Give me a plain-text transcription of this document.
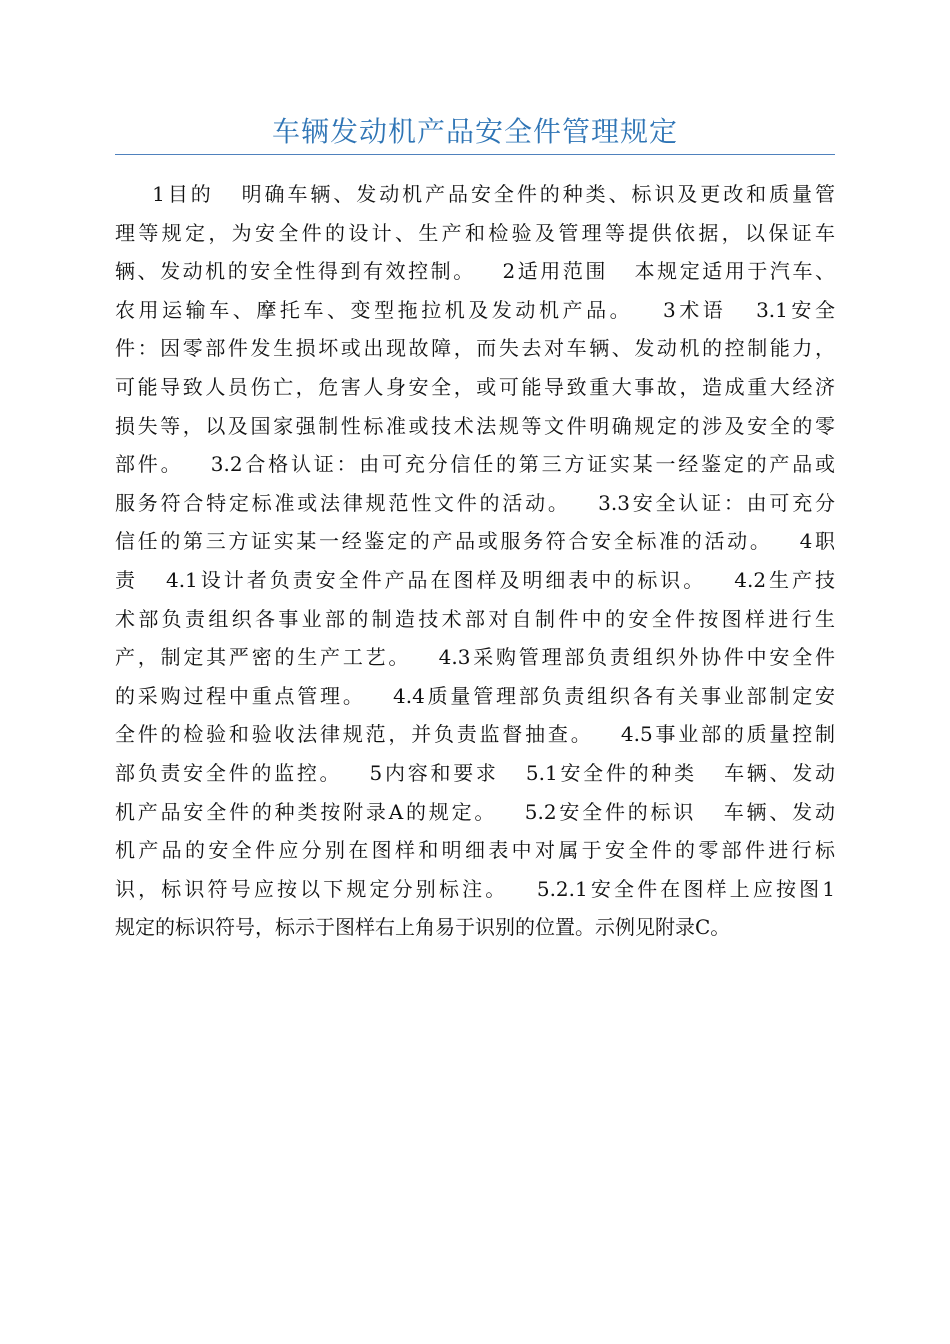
车辆发动机产品安全件管理规定
1目的   明确车辆、发动机产品安全件的种类、标识及更改和质量管
理等规定，为安全件的设计、生产和检验及管理等提供依据，以保证车
辆、发动机的安全性得到有效控制。   2适用范围   本规定适用于汽车、
农用运输车、摩托车、变型拖拉机及发动机产品。   3术语   3.1安全
件：因零部件发生损坏或出现故障，而失去对车辆、发动机的控制能力，
可能导致人员伤亡，危害人身安全，或可能导致重大事故，造成重大经济
损失等，以及国家强制性标准或技术法规等文件明确规定的涉及安全的零
部件。   3.2合格认证：由可充分信任的第三方证实某一经鉴定的产品或
服务符合特定标准或法律规范性文件的活动。   3.3安全认证：由可充分
信任的第三方证实某一经鉴定的产品或服务符合安全标准的活动。   4职
责   4.1设计者负责安全件产品在图样及明细表中的标识。   4.2生产技
术部负责组织各事业部的制造技术部对自制件中的安全件按图样进行生
产，制定其严密的生产工艺。   4.3采购管理部负责组织外协件中安全件
的采购过程中重点管理。   4.4质量管理部负责组织各有关事业部制定安
全件的检验和验收法律规范，并负责监督抽查。   4.5事业部的质量控制
部负责安全件的监控。   5内容和要求   5.1安全件的种类   车辆、发动
机产品安全件的种类按附录A的规定。   5.2安全件的标识   车辆、发动
机产品的安全件应分别在图样和明细表中对属于安全件的零部件进行标
识，标识符号应按以下规定分别标注。   5.2.1安全件在图样上应按图1
规定的标识符号，标示于图样右上角易于识别的位置。示例见附录C。
